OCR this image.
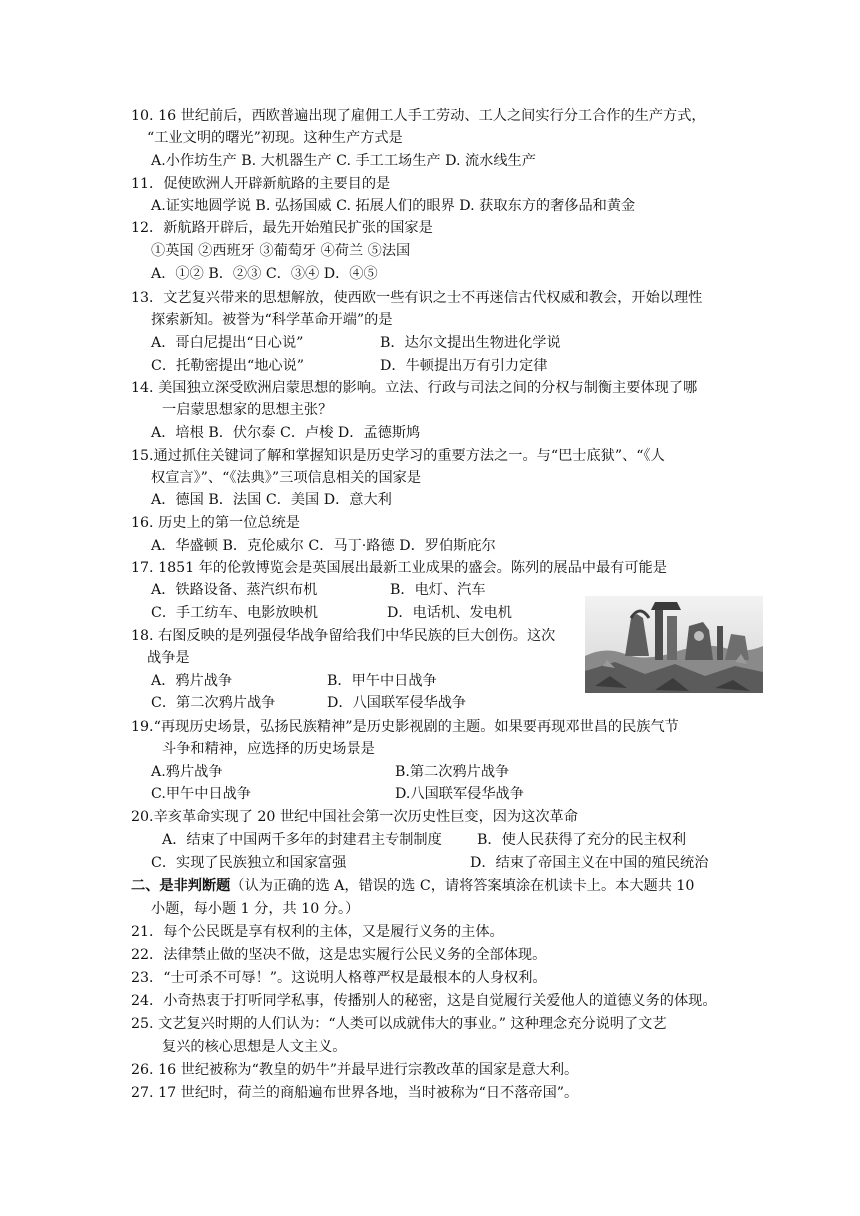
10. 16 世纪前后，西欧普遍出现了雇佣工人手工劳动、工人之间实行分工合作的生产方式，
“工业文明的曙光”初现。这种生产方式是
A.小作坊生产 B. 大机器生产 C. 手工工场生产 D. 流水线生产
11．促使欧洲人开辟新航路的主要目的是
A.证实地圆学说 B. 弘扬国威 C. 拓展人们的眼界 D. 获取东方的奢侈品和黄金
12．新航路开辟后，最先开始殖民扩张的国家是
①英国 ②西班牙 ③葡萄牙 ④荷兰 ⑤法国
A．①② B．②③ C．③④ D．④⑤
13．文艺复兴带来的思想解放，使西欧一些有识之士不再迷信古代权威和教会，开始以理性
探索新知。被誉为“科学革命开端”的是
A．哥白尼提出“日心说”	B．达尔文提出生物进化学说
C．托勒密提出“地心说”	D．牛顿提出万有引力定律
14. 美国独立深受欧洲启蒙思想的影响。立法、行政与司法之间的分权与制衡主要体现了哪
一启蒙思想家的思想主张？
A．培根 B．伏尔泰 C．卢梭 D．孟德斯鸠
15.通过抓住关键词了解和掌握知识是历史学习的重要方法之一。与“巴士底狱”、“《人
权宣言》”、“《法典》”三项信息相关的国家是
A．德国 B．法国 C．美国 D．意大利
16. 历史上的第一位总统是
A．华盛顿 B．克伦威尔 C．马丁·路德 D．罗伯斯庇尔
17. 1851 年的伦敦博览会是英国展出最新工业成果的盛会。陈列的展品中最有可能是
A．铁路设备、蒸汽织布机	B．电灯、汽车
C．手工纺车、电影放映机	D．电话机、发电机
18. 右图反映的是列强侵华战争留给我们中华民族的巨大创伤。这次
战争是
A．鸦片战争	B．甲午中日战争
C．第二次鸦片战争	D．八国联军侵华战争
19.“再现历史场景，弘扬民族精神”是历史影视剧的主题。如果要再现邓世昌的民族气节
斗争和精神，应选择的历史场景是
A.鸦片战争	B.第二次鸦片战争
C.甲午中日战争	D.八国联军侵华战争
20.辛亥革命实现了 20 世纪中国社会第一次历史性巨变，因为这次革命
A．结束了中国两千多年的封建君主专制制度 B．使人民获得了充分的民主权利
C．实现了民族独立和国家富强	D．结束了帝国主义在中国的殖民统治
二、是非判断题（认为正确的选 A，错误的选 C，请将答案填涂在机读卡上。本大题共 10
小题，每小题 1 分，共 10 分。）
21．每个公民既是享有权利的主体，又是履行义务的主体。
22．法律禁止做的坚决不做，这是忠实履行公民义务的全部体现。
23．“士可杀不可辱！”。这说明人格尊严权是最根本的人身权利。
24．小奇热衷于打听同学私事，传播别人的秘密，这是自觉履行关爱他人的道德义务的体现。
25. 文艺复兴时期的人们认为：“人类可以成就伟大的事业。” 这种理念充分说明了文艺
复兴的核心思想是人文主义。
26. 16 世纪被称为“教皇的奶牛”并最早进行宗教改革的国家是意大利。
27. 17 世纪时，荷兰的商船遍布世界各地，当时被称为“日不落帝国”。
